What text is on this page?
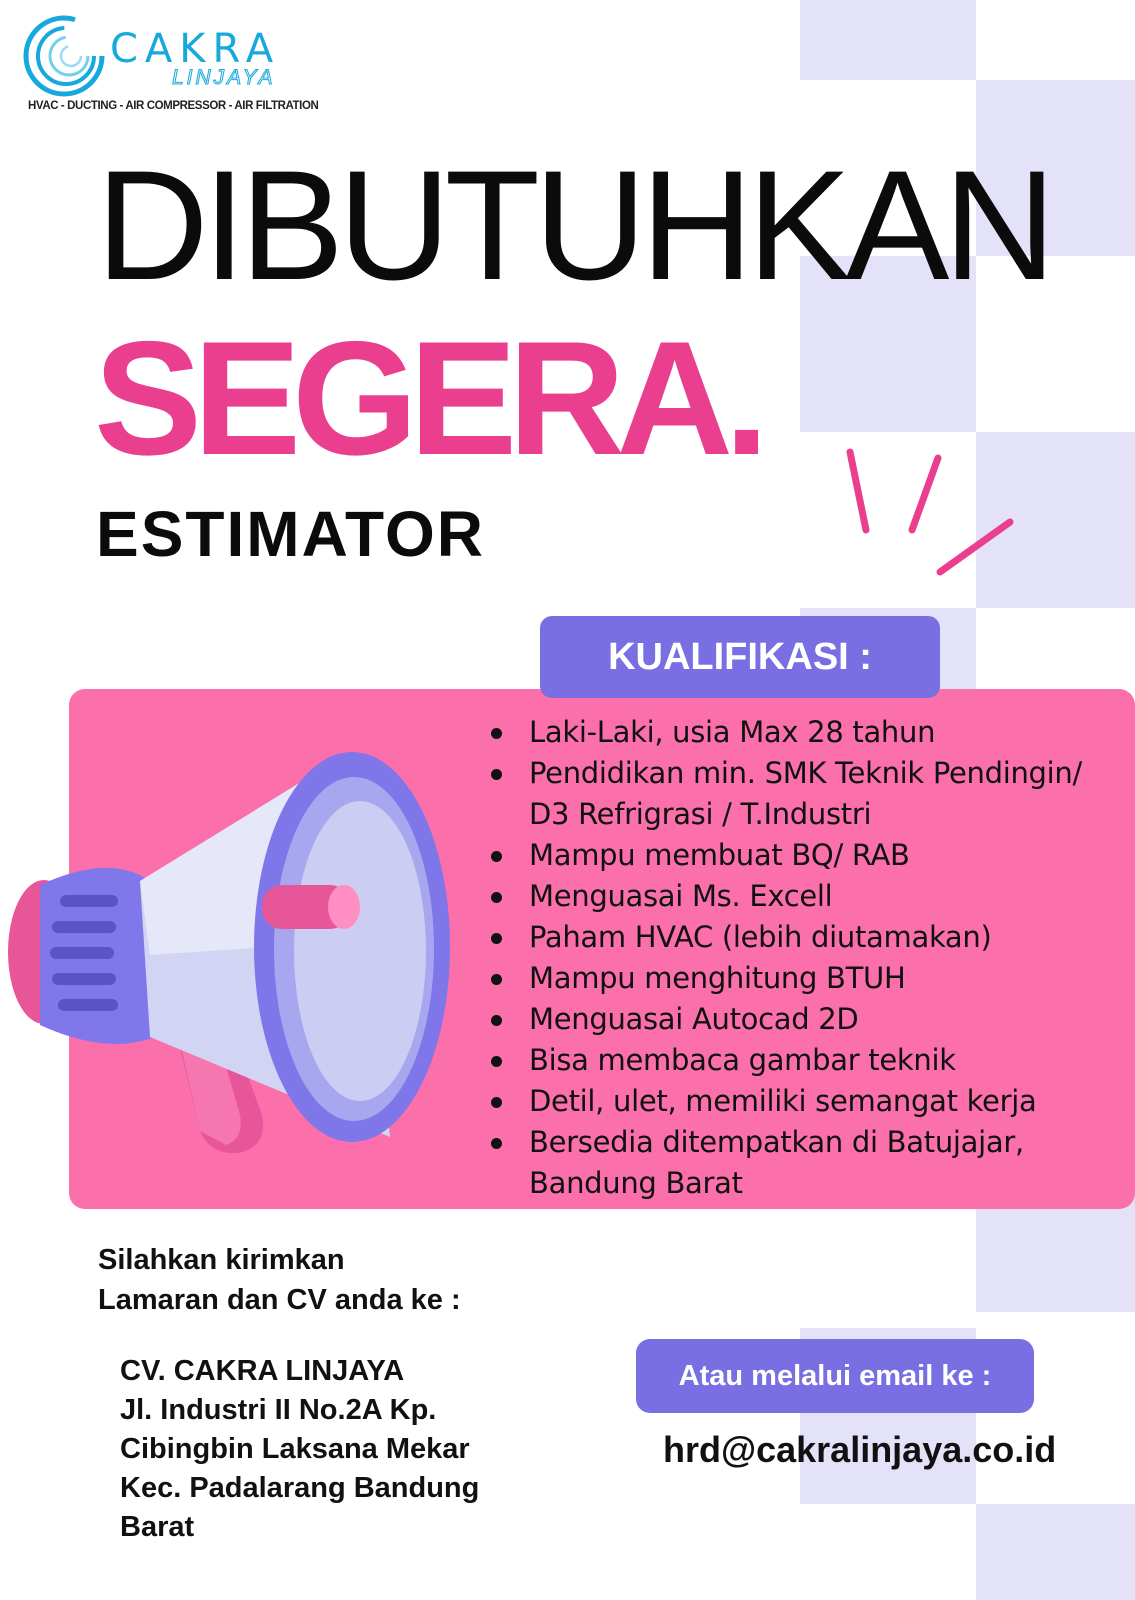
CAKRA
LINJAYA
HVAC - DUCTING - AIR COMPRESSOR - AIR FILTRATION
DIBUTUHKAN
SEGERA.
ESTIMATOR
KUALIFIKASI :
Laki-Laki, usia Max 28 tahun
Pendidikan min. SMK Teknik Pendingin/
D3 Refrigrasi / T.Industri
Mampu membuat BQ/ RAB
Menguasai Ms. Excell
Paham HVAC (lebih diutamakan)
Mampu menghitung BTUH
Menguasai Autocad 2D
Bisa membaca gambar teknik
Detil, ulet, memiliki semangat kerja
Bersedia ditempatkan di Batujajar,
Bandung Barat
Silahkan kirimkan
Lamaran dan CV anda ke :
CV. CAKRA LINJAYA
Jl. Industri II No.2A Kp.
Cibingbin Laksana Mekar
Kec. Padalarang Bandung
Barat
Atau melalui email ke :
hrd@cakralinjaya.co.id
